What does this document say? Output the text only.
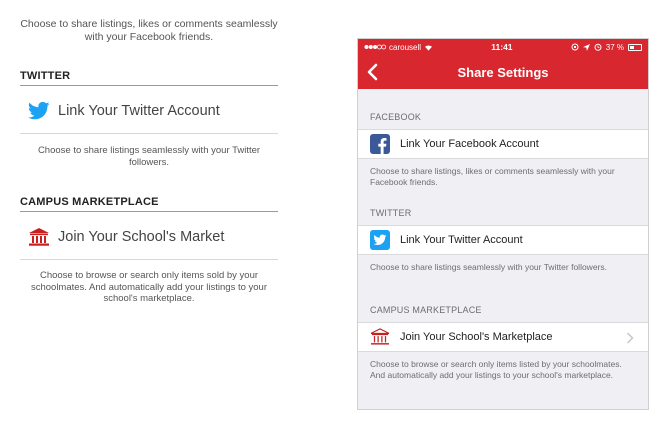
Choose to share listings, likes or comments seamlessly with your Facebook friends.
TWITTER
Link Your Twitter Account
Choose to share listings seamlessly with your Twitter followers.
CAMPUS MARKETPLACE
Join Your School's Market
Choose to browse or search only items sold by your schoolmates. And automatically add your listings to your school's marketplace.
carousell	11:41	37 %
Share Settings
FACEBOOK
Link Your Facebook Account
Choose to share listings, likes or comments seamlessly with your Facebook friends.
TWITTER
Link Your Twitter Account
Choose to share listings seamlessly with your Twitter followers.
CAMPUS MARKETPLACE
Join Your School's Marketplace
Choose to browse or search only items listed by your schoolmates. And automatically add your listings to your school's marketplace.
